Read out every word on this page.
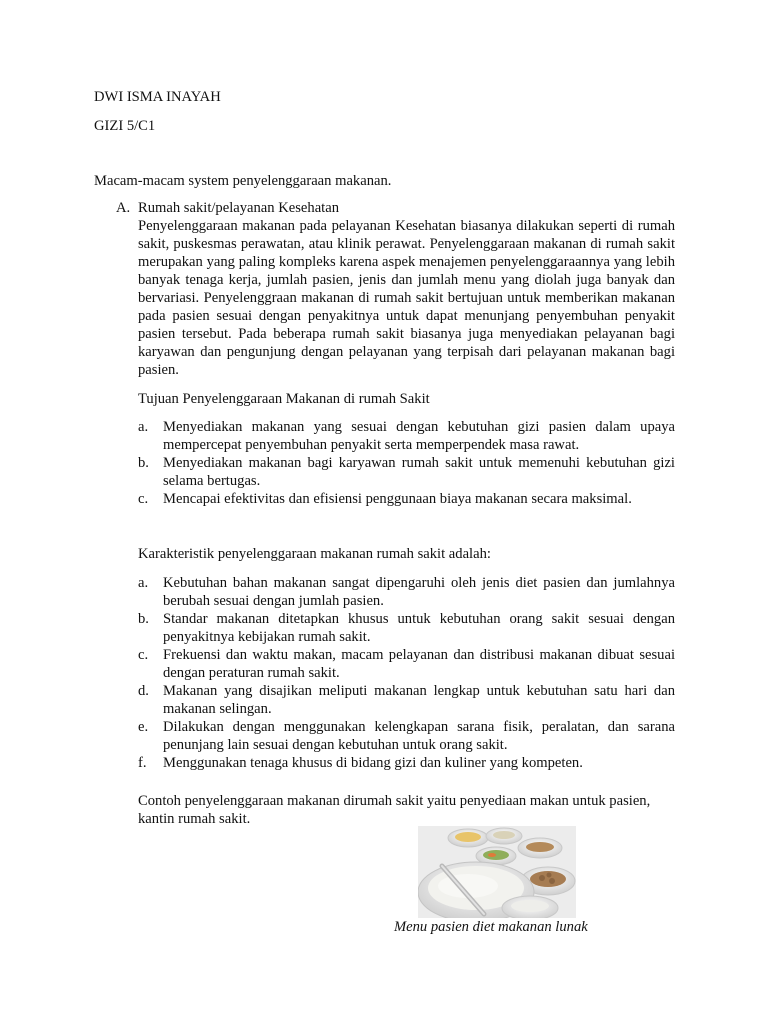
DWI ISMA INAYAH
GIZI 5/C1
Macam-macam system penyelenggaraan makanan.
A. Rumah sakit/pelayanan Kesehatan
Penyelenggaraan makanan pada pelayanan Kesehatan biasanya dilakukan seperti di rumah sakit, puskesmas perawatan, atau klinik perawat. Penyelenggaraan makanan di rumah sakit merupakan yang paling kompleks karena aspek menajemen penyelenggaraannya yang lebih banyak tenaga kerja, jumlah pasien, jenis dan jumlah menu yang diolah juga banyak dan bervariasi. Penyelenggraan makanan di rumah sakit bertujuan untuk memberikan makanan pada pasien sesuai dengan penyakitnya untuk dapat menunjang penyembuhan penyakit pasien tersebut. Pada beberapa rumah sakit biasanya juga menyediakan pelayanan bagi karyawan dan pengunjung dengan pelayanan yang terpisah dari pelayanan makanan bagi pasien.
Tujuan Penyelenggaraan Makanan di rumah Sakit
a. Menyediakan makanan yang sesuai dengan kebutuhan gizi pasien dalam upaya mempercepat penyembuhan penyakit serta memperpendek masa rawat.
b. Menyediakan makanan bagi karyawan rumah sakit untuk memenuhi kebutuhan gizi selama bertugas.
c. Mencapai efektivitas dan efisiensi penggunaan biaya makanan secara maksimal.
Karakteristik penyelenggaraan makanan rumah sakit adalah:
a. Kebutuhan bahan makanan sangat dipengaruhi oleh jenis diet pasien dan jumlahnya berubah sesuai dengan jumlah pasien.
b. Standar makanan ditetapkan khusus untuk kebutuhan orang sakit sesuai dengan penyakitnya kebijakan rumah sakit.
c. Frekuensi dan waktu makan, macam pelayanan dan distribusi makanan dibuat sesuai dengan peraturan rumah sakit.
d. Makanan yang disajikan meliputi makanan lengkap untuk kebutuhan satu hari dan makanan selingan.
e. Dilakukan dengan menggunakan kelengkapan sarana fisik, peralatan, dan sarana penunjang lain sesuai dengan kebutuhan untuk orang sakit.
f. Menggunakan tenaga khusus di bidang gizi dan kuliner yang kompeten.
Contoh penyelenggaraan makanan dirumah sakit yaitu penyediaan makan untuk pasien, kantin rumah sakit.
Menu pasien diet makanan lunak
